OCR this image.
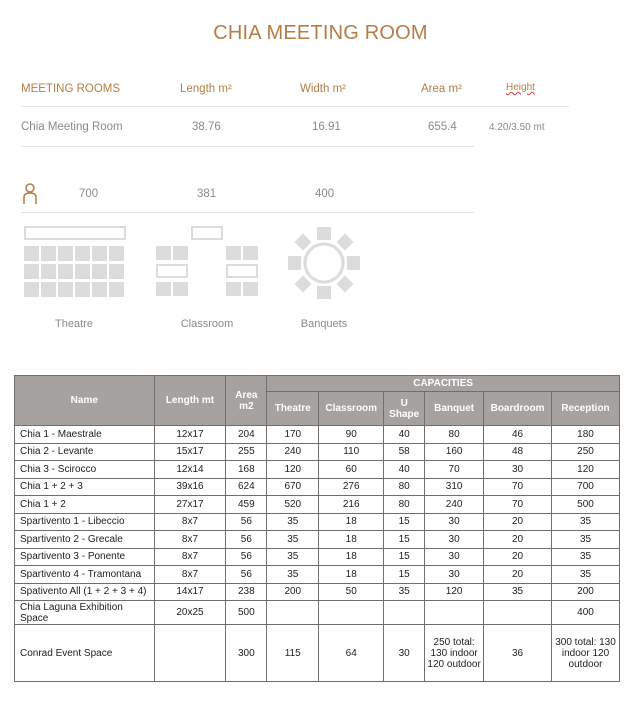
CHIA MEETING ROOM
MEETING ROOMS	Length m²	Width m²	Area m²	Height
Chia Meeting Room	38.76	16.91	655.4	4.20/3.50 mt
700	381	400
Theatre	Classroom	Banquets
Name	Length mt	Area m2	CAPACITIES					
			Theatre	Classroom	U Shape	Banquet	Boardroom	Reception
Chia 1 - Maestrale	12x17	204	170	90	40	80	46	180
Chia 2 - Levante	15x17	255	240	110	58	160	48	250
Chia 3 - Scirocco	12x14	168	120	60	40	70	30	120
Chia 1 + 2 + 3	39x16	624	670	276	80	310	70	700
Chia 1 + 2	27x17	459	520	216	80	240	70	500
Spartivento 1 - Libeccio	8x7	56	35	18	15	30	20	35
Spartivento 2 - Grecale	8x7	56	35	18	15	30	20	35
Spartivento 3 - Ponente	8x7	56	35	18	15	30	20	35
Spartivento 4 - Tramontana	8x7	56	35	18	15	30	20	35
Spativento All (1 + 2 + 3 + 4)	14x17	238	200	50	35	120	35	200
Chia Laguna Exhibition Space	20x25	500						400
Conrad Event Space		300	115	64	30	250 total: 130 indoor 120 outdoor	36	300 total: 130 indoor 120 outdoor
